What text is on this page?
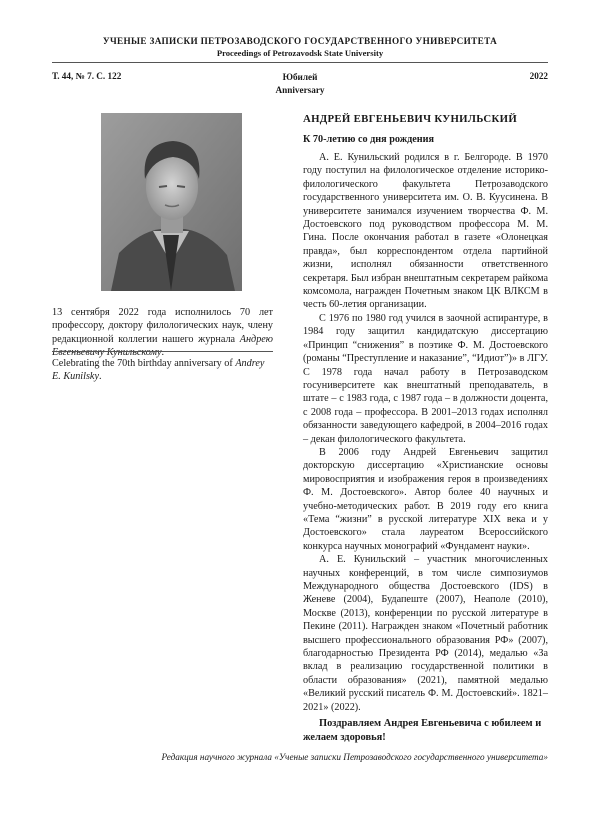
УЧЕНЫЕ ЗАПИСКИ ПЕТРОЗАВОДСКОГО ГОСУДАРСТВЕННОГО УНИВЕРСИТЕТА
Proceedings of Petrozavodsk State University
Т. 44, № 7. С. 122	Юбилей
Anniversary
2022
13 сентября 2022 года исполнилось 70 лет профессору, доктору филологических наук, члену редакционной коллегии нашего журнала Андрею Евгеньевичу Кунильскому.
Celebrating the 70th birthday anniversary of Andrey E. Kunilsky.
АНДРЕЙ ЕВГЕНЬЕВИЧ КУНИЛЬСКИЙ
К 70-летию со дня рождения

А. Е. Кунильский родился в г. Белгороде. В 1970 году поступил на филологическое отделение историко-филологического факультета Петрозаводского государственного университета им. О. В. Куусинена. В университете занимался изучением творчества Ф. М. Достоевского под руководством профессора М. М. Гина. После окончания работал в газете «Олонецкая правда», был корреспондентом отдела партийной жизни, исполнял обязанности ответственного секретаря. Был избран внештатным секретарем райкома комсомола, награжден Почетным знаком ЦК ВЛКСМ в честь 60-летия организации.

С 1976 по 1980 год учился в заочной аспирантуре, в 1984 году защитил кандидатскую диссертацию «Принцип “снижения” в поэтике Ф. М. Достоевского (романы “Преступление и наказание”, “Идиот”)» в ЛГУ. С 1978 года начал работу в Петрозаводском госуниверситете как внештатный преподаватель, в штате – с 1983 года, с 1987 года – в должности доцента, с 2008 года – профессора. В 2001–2013 годах исполнял обязанности заведующего кафедрой, в 2004–2016 годах – декан филологического факультета.

В 2006 году Андрей Евгеньевич защитил докторскую диссертацию «Христианские основы мировосприятия и изображения героя в произведениях Ф. М. Достоевского». Автор более 40 научных и учебно-методических работ. В 2019 году его книга «Тема “жизни” в русской литературе XIX века и у Достоевского» стала лауреатом Всероссийского конкурса научных монографий «Фундамент науки».

А. Е. Кунильский – участник многочисленных научных конференций, в том числе симпозиумов Международного общества Достоевского (IDS) в Женеве (2004), Будапеште (2007), Неаполе (2010), Москве (2013), конференции по русской литературе в Пекине (2011). Награжден знаком «Почетный работник высшего профессионального образования РФ» (2007), благодарностью Президента РФ (2014), медалью «За вклад в реализацию государственной политики в области образования» (2021), памятной медалью «Великий русский писатель Ф. М. Достоевский». 1821–2021» (2022).

Поздравляем Андрея Евгеньевича с юбилеем и желаем здоровья!
Редакция научного журнала «Ученые записки Петрозаводского государственного университета»
